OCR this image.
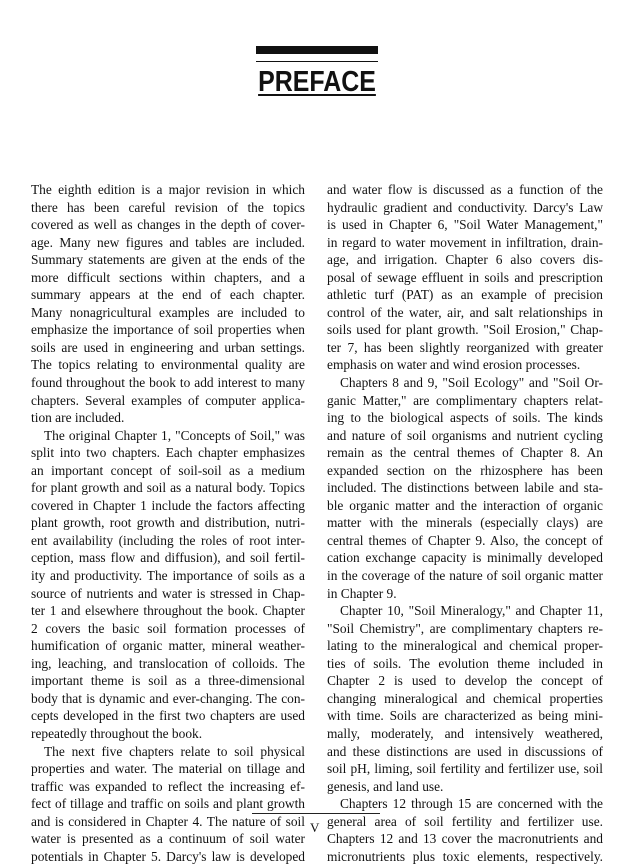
PREFACE
The eighth edition is a major revision in which
there has been careful revision of the topics
covered as well as changes in the depth of cover-
age. Many new figures and tables are included.
Summary statements are given at the ends of the
more difficult sections within chapters, and a
summary appears at the end of each chapter.
Many nonagricultural examples are included to
emphasize the importance of soil properties when
soils are used in engineering and urban settings.
The topics relating to environmental quality are
found throughout the book to add interest to many
chapters. Several examples of computer applica-
tion are included.
The original Chapter 1, "Concepts of Soil," was
split into two chapters. Each chapter emphasizes
an important concept of soil-soil as a medium
for plant growth and soil as a natural body. Topics
covered in Chapter 1 include the factors affecting
plant growth, root growth and distribution, nutri-
ent availability (including the roles of root inter-
ception, mass flow and diffusion), and soil fertil-
ity and productivity. The importance of soils as a
source of nutrients and water is stressed in Chap-
ter 1 and elsewhere throughout the book. Chapter
2 covers the basic soil formation processes of
humification of organic matter, mineral weather-
ing, leaching, and translocation of colloids. The
important theme is soil as a three-dimensional
body that is dynamic and ever-changing. The con-
cepts developed in the first two chapters are used
repeatedly throughout the book.
The next five chapters relate to soil physical
properties and water. The material on tillage and
traffic was expanded to reflect the increasing ef-
fect of tillage and traffic on soils and plant growth
and is considered in Chapter 4. The nature of soil
water is presented as a continuum of soil water
potentials in Chapter 5. Darcy's law is developed
and water flow is discussed as a function of the
hydraulic gradient and conductivity. Darcy's Law
is used in Chapter 6, "Soil Water Management,"
in regard to water movement in infiltration, drain-
age, and irrigation. Chapter 6 also covers dis-
posal of sewage effluent in soils and prescription
athletic turf (PAT) as an example of precision
control of the water, air, and salt relationships in
soils used for plant growth. "Soil Erosion," Chap-
ter 7, has been slightly reorganized with greater
emphasis on water and wind erosion processes.
Chapters 8 and 9, "Soil Ecology" and "Soil Or-
ganic Matter," are complimentary chapters relat-
ing to the biological aspects of soils. The kinds
and nature of soil organisms and nutrient cycling
remain as the central themes of Chapter 8. An
expanded section on the rhizosphere has been
included. The distinctions between labile and sta-
ble organic matter and the interaction of organic
matter with the minerals (especially clays) are
central themes of Chapter 9. Also, the concept of
cation exchange capacity is minimally developed
in the coverage of the nature of soil organic matter
in Chapter 9.
Chapter 10, "Soil Mineralogy," and Chapter 11,
"Soil Chemistry", are complimentary chapters re-
lating to the mineralogical and chemical proper-
ties of soils. The evolution theme included in
Chapter 2 is used to develop the concept of
changing mineralogical and chemical properties
with time. Soils are characterized as being mini-
mally, moderately, and intensively weathered,
and these distinctions are used in discussions of
soil pH, liming, soil fertility and fertilizer use, soil
genesis, and land use.
Chapters 12 through 15 are concerned with the
general area of soil fertility and fertilizer use.
Chapters 12 and 13 cover the macronutrients and
micronutrients plus toxic elements, respectively.
V
